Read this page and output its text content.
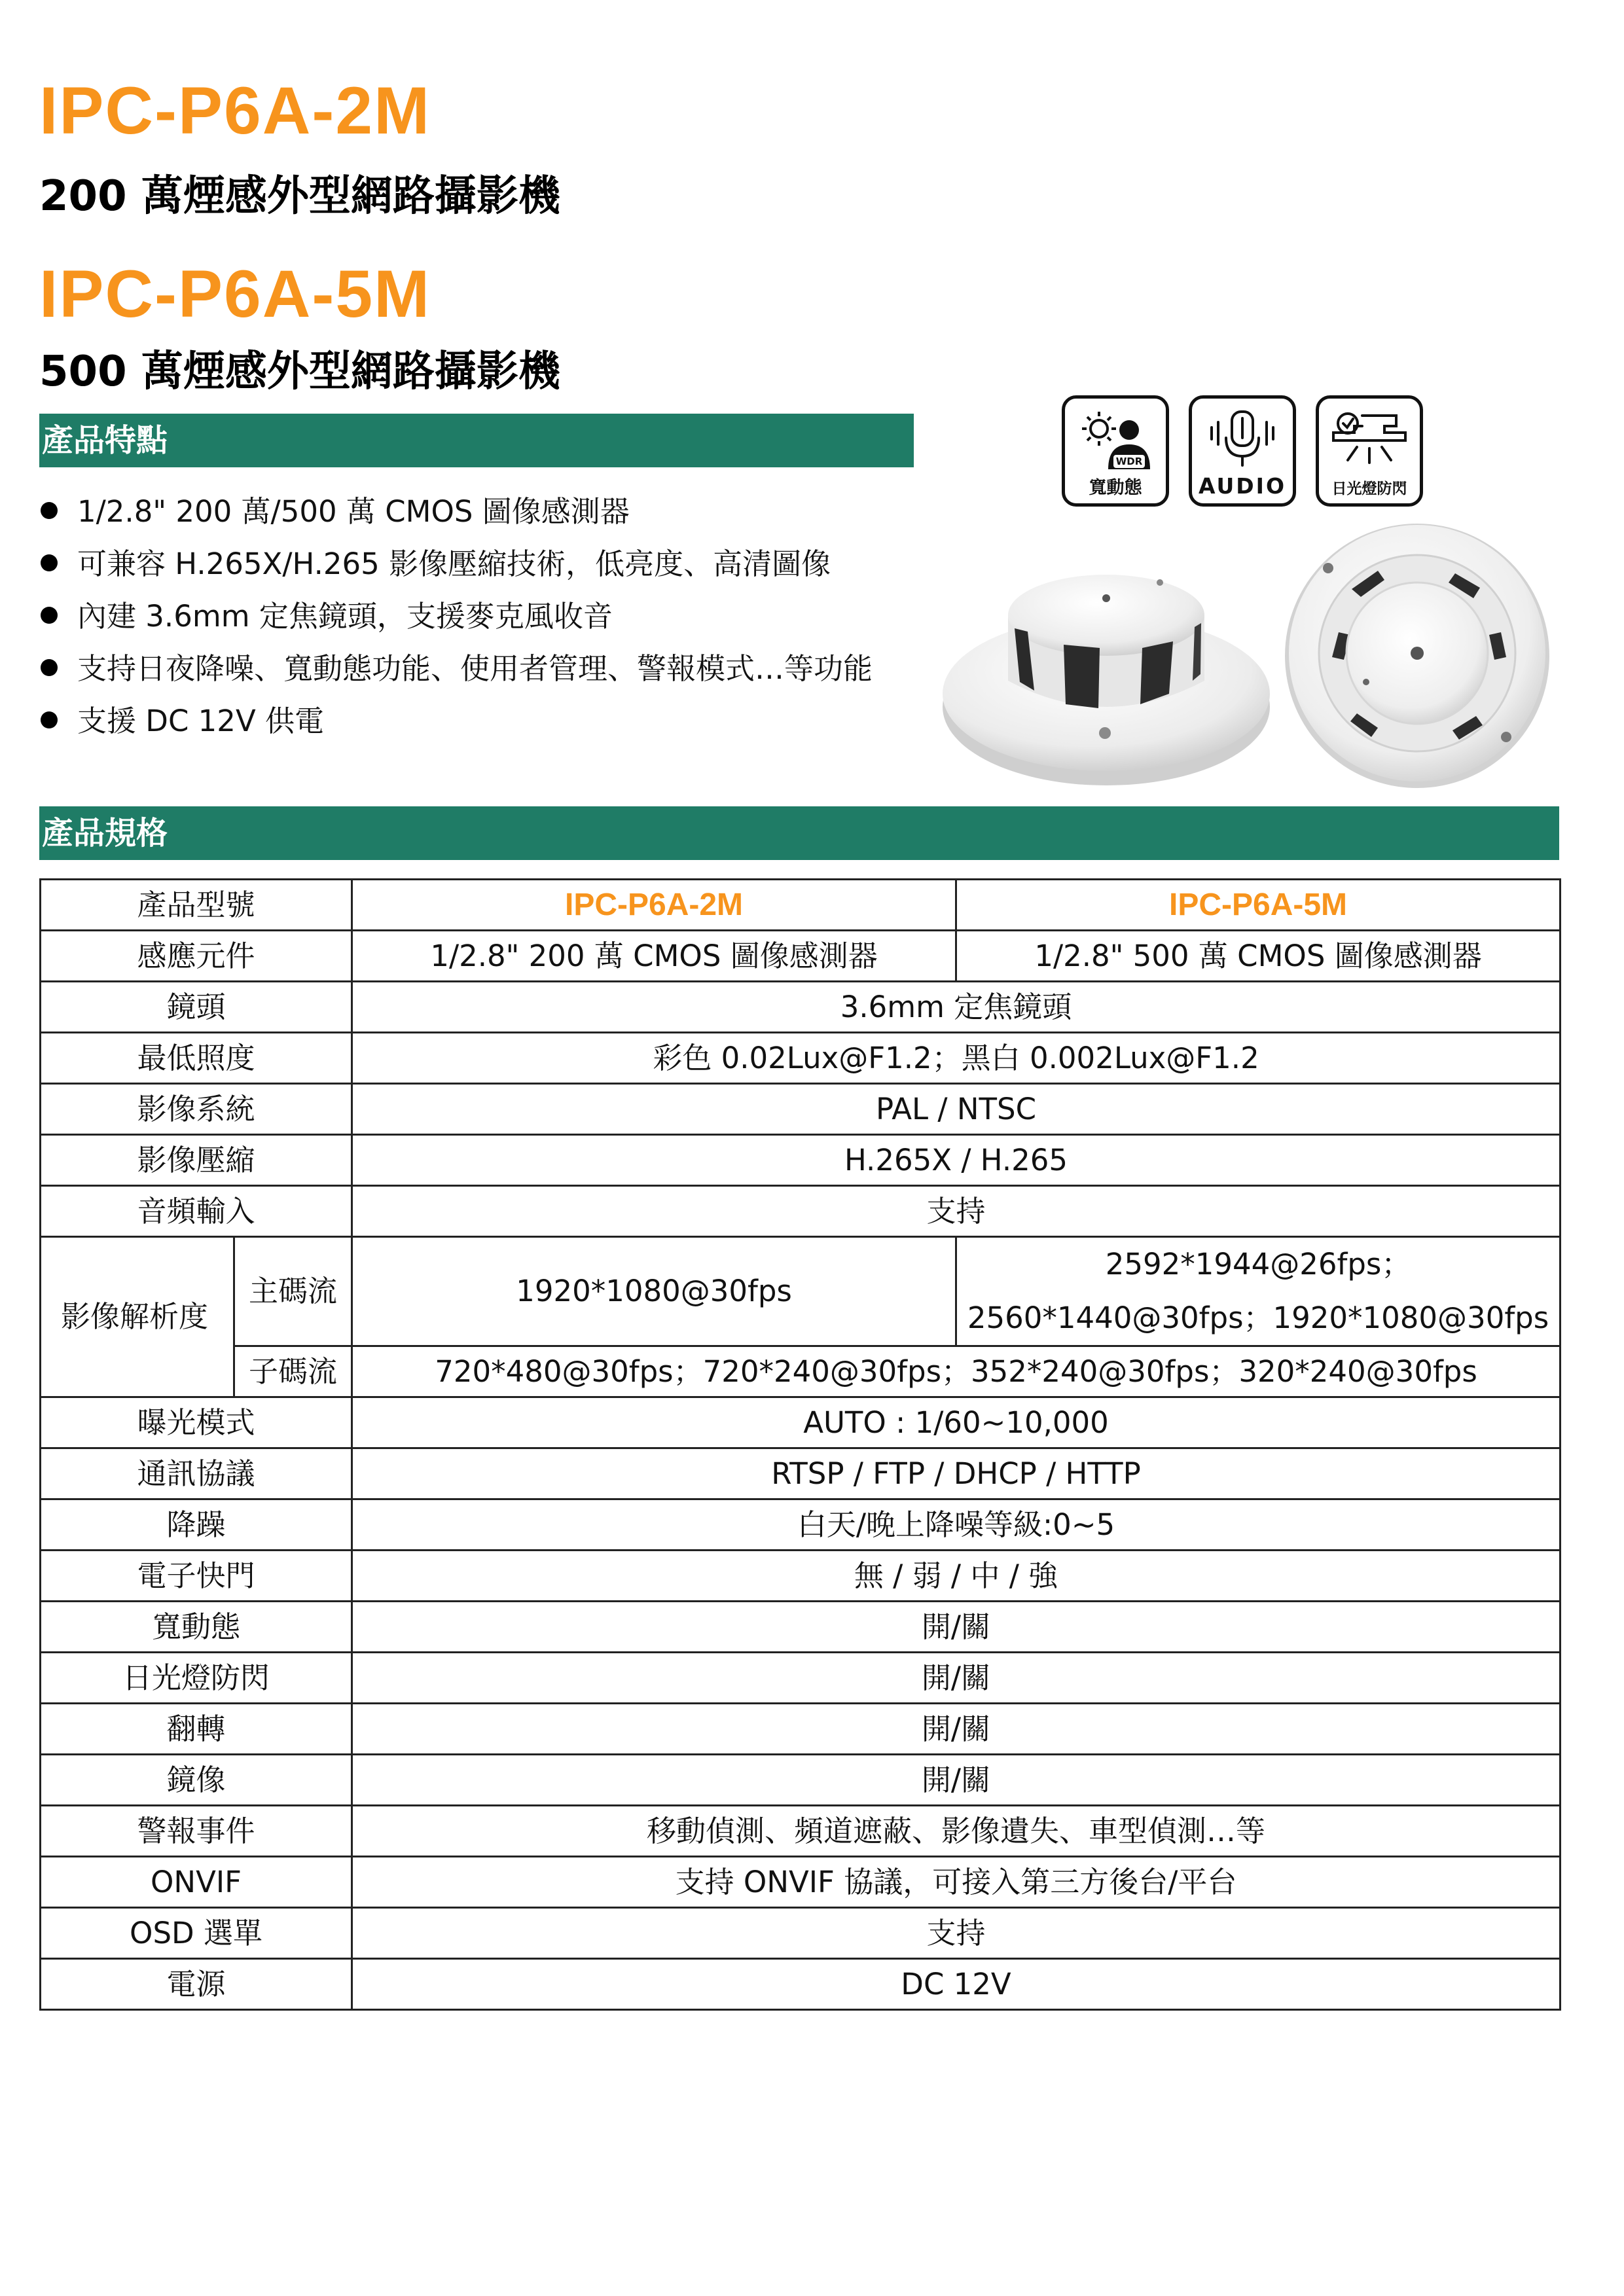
IPC-P6A-2M
200 萬煙感外型網路攝影機
IPC-P6A-5M
500 萬煙感外型網路攝影機
產品特點
1/2.8" 200 萬/500 萬 CMOS 圖像感測器
可兼容 H.265X/H.265 影像壓縮技術，低亮度、高清圖像
內建 3.6mm 定焦鏡頭，支援麥克風收音
支持日夜降噪、寬動態功能、使用者管理、警報模式…等功能
支援 DC 12V 供電
WDR
寬動態	AUDIO	日光燈防閃
產品規格
產品型號		IPC-P6A-2M	IPC-P6A-5M
感應元件		1/2.8" 200 萬 CMOS 圖像感測器	1/2.8" 500 萬 CMOS 圖像感測器
鏡頭		3.6mm 定焦鏡頭	
最低照度		彩色 0.02Lux@F1.2；黑白 0.002Lux@F1.2	
影像系統		PAL / NTSC	
影像壓縮		H.265X / H.265	
音頻輸入		支持	
影像解析度	主碼流	1920*1080@30fps	2592*1944@26fps；
2560*1440@30fps；1920*1080@30fps

	子碼流	720*480@30fps；720*240@30fps；352*240@30fps；320*240@30fps	
曝光模式		AUTO : 1/60~10,000	
通訊協議		RTSP / FTP / DHCP / HTTP	
降躁		白天/晚上降噪等級:0~5	
電子快門		無 / 弱 / 中 / 強	
寬動態		開/關	
日光燈防閃		開/關	
翻轉		開/關	
鏡像		開/關	
警報事件		移動偵測、頻道遮蔽、影像遺失、車型偵測…等	
ONVIF		支持 ONVIF 協議，可接入第三方後台/平台	
OSD 選單		支持	
電源		DC 12V	
